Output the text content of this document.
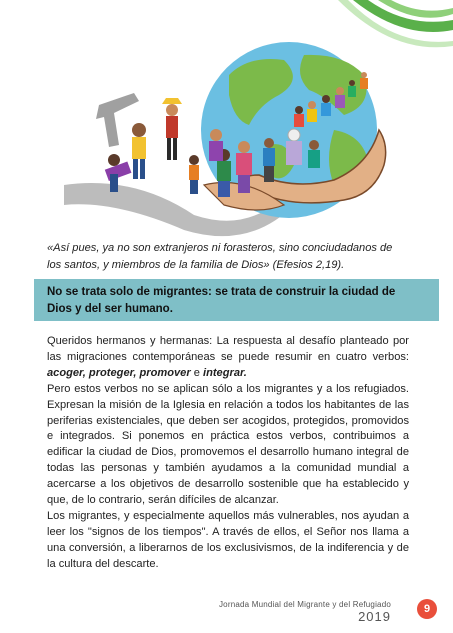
«Así pues, ya no son extranjeros ni forasteros, sino conciudadanos de los santos, y miembros de la familia de Dios» (Efesios 2,19).

No se trata solo de migrantes: se trata de construir la ciudad de Dios y del ser humano.

Queridos hermanos y hermanas: La respuesta al desafío planteado por las migraciones contemporáneas se puede resumir en cuatro verbos: acoger, proteger, promover e integrar.

Pero estos verbos no se aplican sólo a los migrantes y a los refugiados. Expresan la misión de la Iglesia en relación a todos los habitantes de las periferias existenciales, que deben ser acogidos, protegidos, promovidos e integrados. Si ponemos en práctica estos verbos, contribuimos a edificar la ciudad de Dios, promovemos el desarrollo humano integral de todas las personas y también ayudamos a la comunidad mundial a acercarse a los objetivos de desarrollo sostenible que ha establecido y que, de lo contrario, serán difíciles de alcanzar.

Los migrantes, y especialmente aquellos más vulnerables, nos ayudan a leer los "signos de los tiempos". A través de ellos, el Señor nos llama a una conversión, a liberarnos de los exclusivismos, de la indiferencia y de la cultura del descarte.

Jornada Mundial del Migrante y del Refugiado
2019	9
